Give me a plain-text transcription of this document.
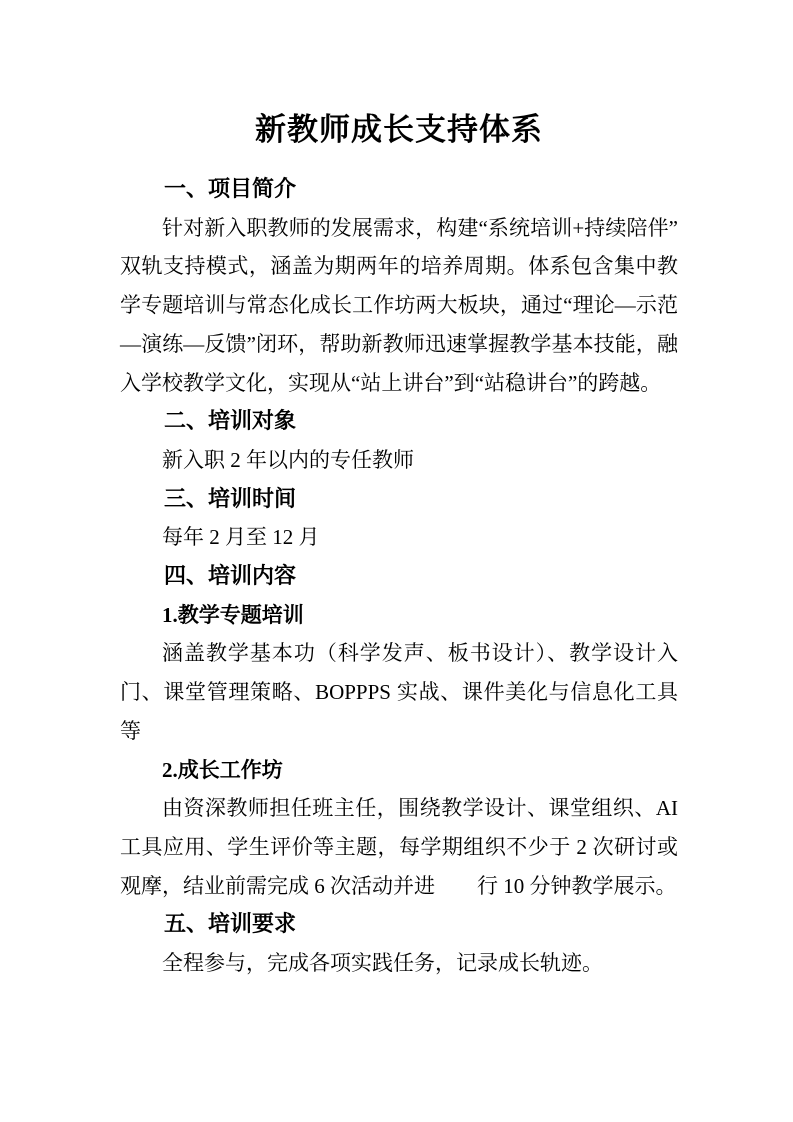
新教师成长支持体系
一、项目简介

针对新入职教师的发展需求，构建“系统培训+持续陪伴”双轨支持模式，涵盖为期两年的培养周期。体系包含集中教学专题培训与常态化成长工作坊两大板块，通过“理论—示范—演练—反馈”闭环，帮助新教师迅速掌握教学基本技能，融入学校教学文化，实现从“站上讲台”到“站稳讲台”的跨越。

二、培训对象

新入职 2 年以内的专任教师

三、培训时间

每年 2 月至 12 月

四、培训内容
1.教学专题培训

涵盖教学基本功（科学发声、板书设计）、教学设计入门、课堂管理策略、BOPPPS 实战、课件美化与信息化工具等

2.成长工作坊

由资深教师担任班主任，围绕教学设计、课堂组织、AI 工具应用、学生评价等主题，每学期组织不少于 2 次研讨或观摩，结业前需完成 6 次活动并进　　行 10 分钟教学展示。

五、培训要求

全程参与，完成各项实践任务，记录成长轨迹。
